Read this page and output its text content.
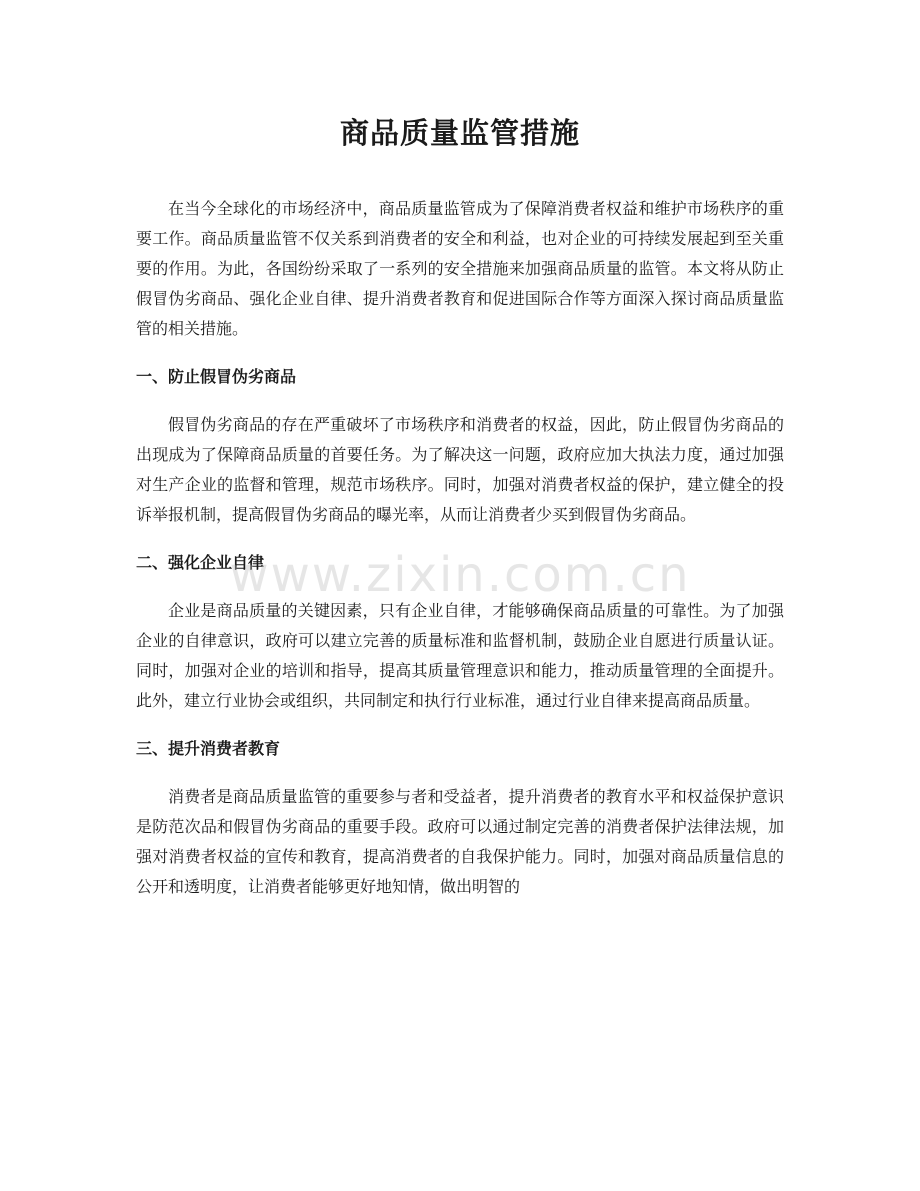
商品质量监管措施

在当今全球化的市场经济中，商品质量监管成为了保障消费者权益和维护市场秩序的重要工作。商品质量监管不仅关系到消费者的安全和利益，也对企业的可持续发展起到至关重要的作用。为此，各国纷纷采取了一系列的安全措施来加强商品质量的监管。本文将从防止假冒伪劣商品、强化企业自律、提升消费者教育和促进国际合作等方面深入探讨商品质量监管的相关措施。

一、防止假冒伪劣商品

假冒伪劣商品的存在严重破坏了市场秩序和消费者的权益，因此，防止假冒伪劣商品的出现成为了保障商品质量的首要任务。为了解决这一问题，政府应加大执法力度，通过加强对生产企业的监督和管理，规范市场秩序。同时，加强对消费者权益的保护，建立健全的投诉举报机制，提高假冒伪劣商品的曝光率，从而让消费者少买到假冒伪劣商品。

二、强化企业自律

企业是商品质量的关键因素，只有企业自律，才能够确保商品质量的可靠性。为了加强企业的自律意识，政府可以建立完善的质量标准和监督机制，鼓励企业自愿进行质量认证。同时，加强对企业的培训和指导，提高其质量管理意识和能力，推动质量管理的全面提升。此外，建立行业协会或组织，共同制定和执行行业标准，通过行业自律来提高商品质量。

三、提升消费者教育

消费者是商品质量监管的重要参与者和受益者，提升消费者的教育水平和权益保护意识是防范次品和假冒伪劣商品的重要手段。政府可以通过制定完善的消费者保护法律法规，加强对消费者权益的宣传和教育，提高消费者的自我保护能力。同时，加强对商品质量信息的公开和透明度，让消费者能够更好地知情，做出明智的

www.zixin.com.cn
